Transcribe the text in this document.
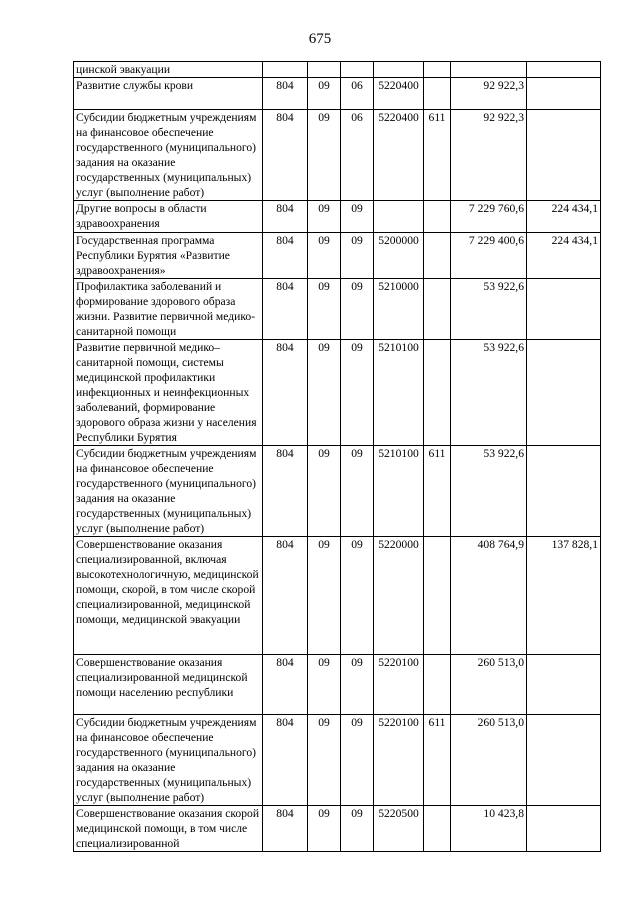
675
цинской эвакуации							
Развитие службы крови	804	09	06	5220400		92 922,3	
Субсидии бюджетным учреждениям на финансовое обеспечение государственного (муниципального) задания на оказание государственных (муниципальных) услуг (выполнение работ)	804	09	06	5220400	611	92 922,3	
Другие вопросы в области здравоохранения	804	09	09			7 229 760,6	224 434,1
Государственная программа Республики Бурятия «Развитие здравоохранения»	804	09	09	5200000		7 229 400,6	224 434,1
Профилактика заболеваний и формирование здорового образа жизни. Развитие первичной медико-санитарной помощи	804	09	09	5210000		53 922,6	
Развитие первичной медико–санитарной помощи, системы медицинской профилактики инфекционных и неинфекционных заболеваний, формирование здорового образа жизни у населения Республики Бурятия	804	09	09	5210100		53 922,6	
Субсидии бюджетным учреждениям на финансовое обеспечение государственного (муниципального) задания на оказание государственных (муниципальных) услуг (выполнение работ)	804	09	09	5210100	611	53 922,6	
Совершенствование оказания специализированной, включая высокотехнологичную, медицинской помощи, скорой, в том числе скорой специализированной, медицинской помощи, медицинской эвакуации	804	09	09	5220000		408 764,9	137 828,1
Совершенствование оказания специализированной медицинской помощи населению республики	804	09	09	5220100		260 513,0	
Субсидии бюджетным учреждениям на финансовое обеспечение государственного (муниципального) задания на оказание государственных (муниципальных) услуг (выполнение работ)	804	09	09	5220100	611	260 513,0	
Совершенствование оказания скорой медицинской помощи, в том числе специализированной	804	09	09	5220500		10 423,8	
